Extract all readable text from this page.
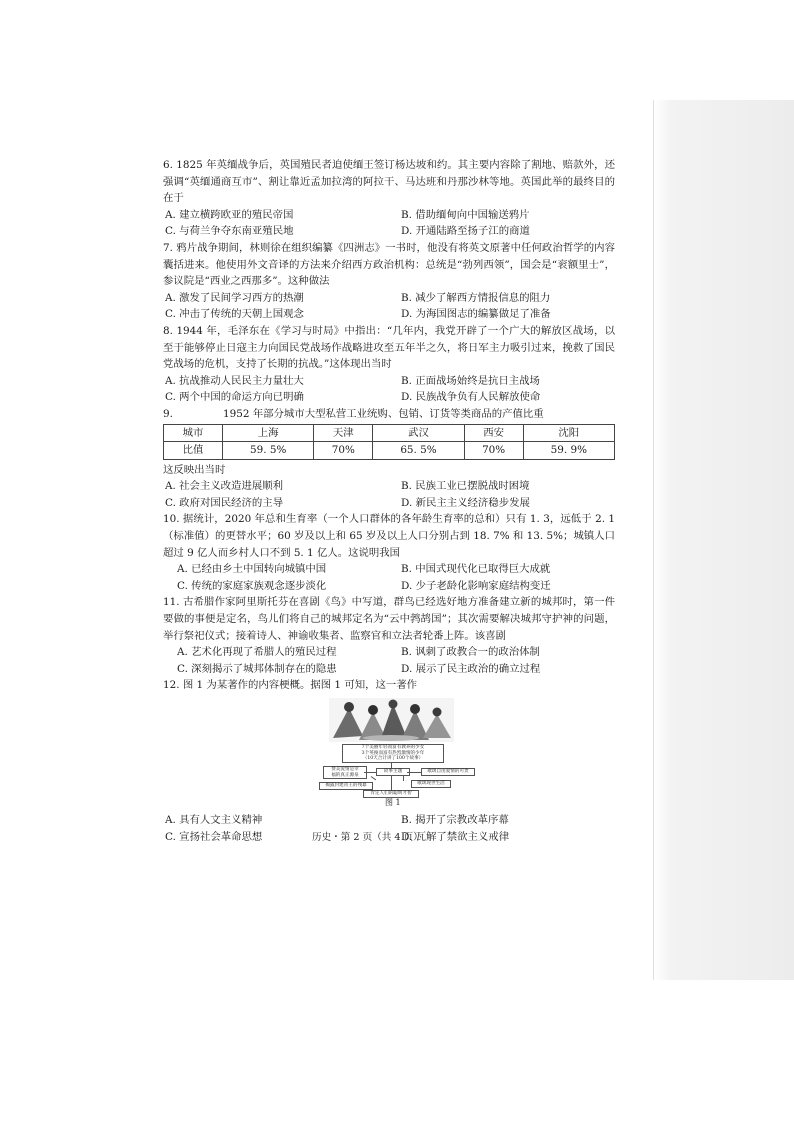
6. 1825 年英缅战争后，英国殖民者迫使缅王签订杨达坡和约。其主要内容除了割地、赔款外，还强调“英缅通商互市”、割让靠近孟加拉湾的阿拉干、马达班和丹那沙林等地。英国此举的最终目的在于

A. 建立横跨欧亚的殖民帝国	B. 借助缅甸向中国输送鸦片
C. 与荷兰争夺东南亚殖民地	D. 开通陆路至扬子江的商道

7. 鸦片战争期间，林则徐在组织编纂《四洲志》一书时，他没有将英文原著中任何政治哲学的内容囊括进来。他使用外文音译的方法来介绍西方政治机构：总统是“勃列西领”，国会是“衮额里士”，参议院是“西业之西那多”。这种做法

A. 激发了民间学习西方的热潮	B. 减少了解西方情报信息的阻力
C. 冲击了传统的天朝上国观念	D. 为海国图志的编纂做足了准备

8. 1944 年，毛泽东在《学习与时局》中指出：“几年内，我党开辟了一个广大的解放区战场，以至于能够停止日寇主力向国民党战场作战略进攻至五年半之久，将日军主力吸引过来，挽救了国民党战场的危机，支持了长期的抗战。”这体现出当时

A. 抗战推动人民民主力量壮大	B. 正面战场始终是抗日主战场
C. 两个中国的命运方向已明确	D. 民族战争负有人民解放使命
9.	1952 年部分城市大型私营工业统购、包销、订货等类商品的产值比重
城市	上海	天津	武汉	西安	沈阳
比值	59. 5%	70%	65. 5%	70%	59. 9%

这反映出当时

A. 社会主义改造进展顺利	B. 民族工业已摆脱战时困境
C. 政府对国民经济的主导	D. 新民主主义经济稳步发展

10. 据统计，2020 年总和生育率（一个人口群体的各年龄生育率的总和）只有 1. 3，远低于 2. 1（标准值）的更替水平；60 岁及以上和 65 岁及以上人口分别占到 18. 7% 和 13. 5%；城镇人口超过 9 亿人而乡村人口不到 5. 1 亿人。这说明我国

A. 已经由乡土中国转向城镇中国	B. 中国式现代化已取得巨大成就
C. 传统的家庭家族观念逐步淡化	D. 少子老龄化影响家庭结构变迁

11. 古希腊作家阿里斯托芬在喜剧《鸟》中写道，群鸟已经选好地方准备建立新的城邦时，第一件要做的事便是定名，鸟儿们将自己的城邦定名为“云中鹁鸪国”；其次需要解决城邦守护神的问题，举行祭祀仪式；接着诗人、神谕收集者、监察官和立法者轮番上阵。该喜剧

A. 艺术化再现了希腊人的殖民过程	B. 讽刺了政教合一的政治体制
C. 深刻揭示了城邦体制存在的隐患	D. 展示了民主政治的确立过程

12. 图 1 为某著作的内容梗概。据图 1 可知，这一著作

7个美丽年轻而富有教养的少女
3个英俊而富有热烈激情的少年
（10天合计讲了100个故事）
故事主题
赞美爱情是幸
福的真正源泉
歌颂自由爱情的可贵
歌颂现世生活
揭露封建帝王的残暴
肯定人们的聪明才智
图 1
A. 具有人文主义精神	B. 揭开了宗教改革序幕
C. 宣扬社会革命思想	D. 瓦解了禁欲主义戒律
历史・第 2 页（共 4 页）
